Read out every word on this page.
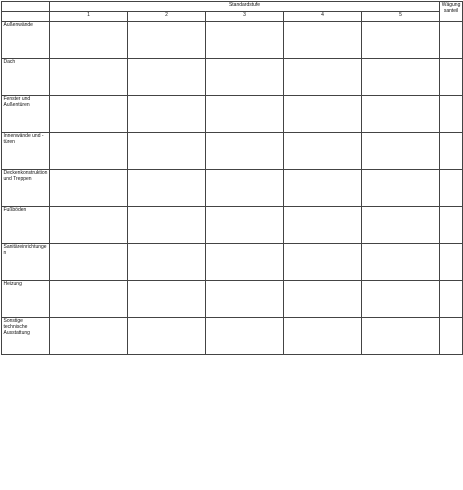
	Standardstufe					Wägungsanteil
	1	2	3	4	5	
Außenwände						
Dach						
Fenster und Außentüren						
Innenwände und -türen						
Deckenkonstruktion und Treppen						
Fußböden						
Sanitäreinrichtungen						
Heizung						
Sonstige technische Ausstattung						
